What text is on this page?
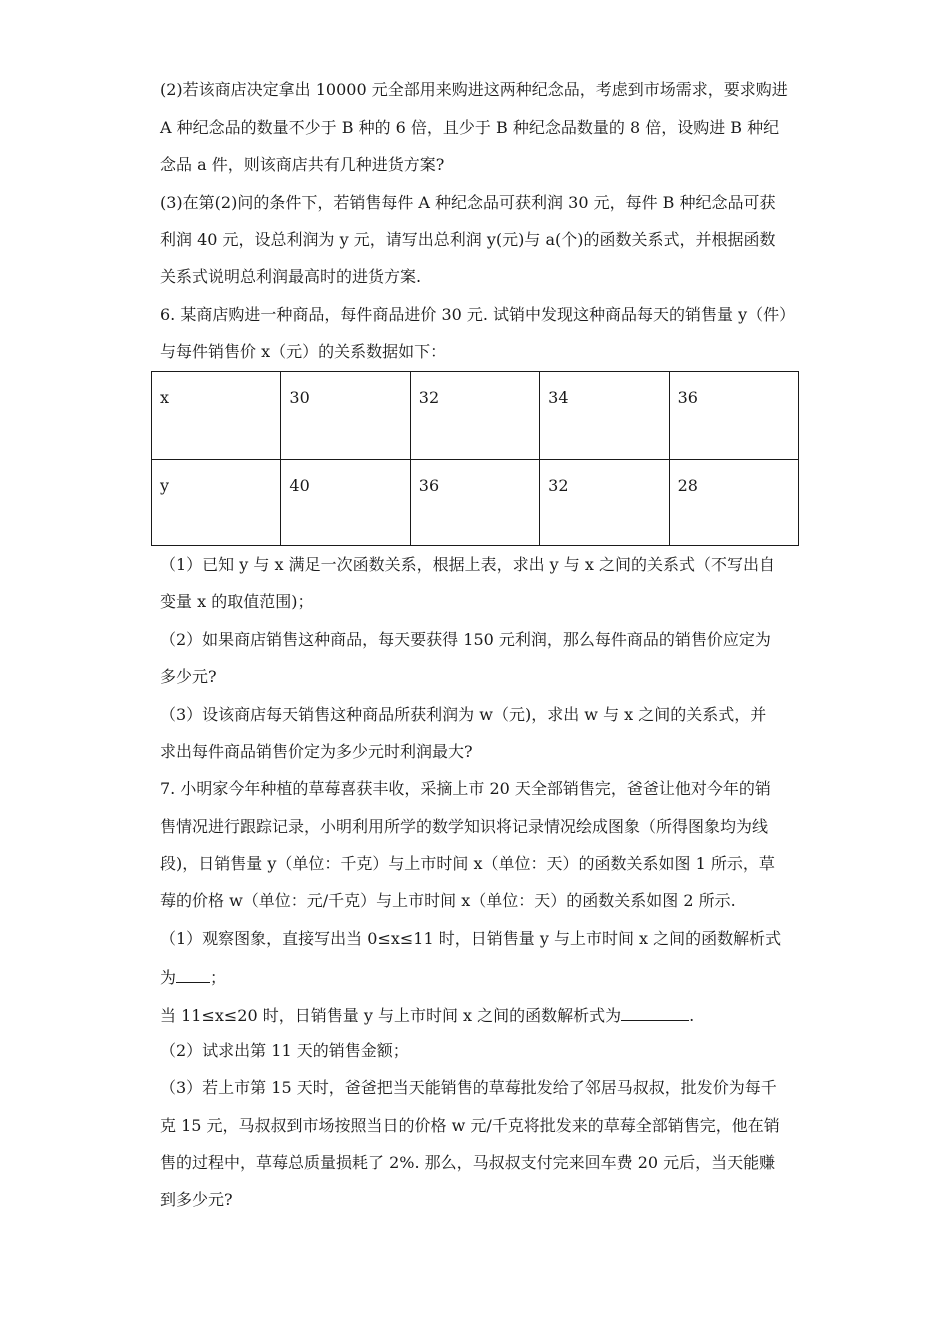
(2)若该商店决定拿出 10000 元全部用来购进这两种纪念品，考虑到市场需求，要求购进
A 种纪念品的数量不少于 B 种的 6 倍，且少于 B 种纪念品数量的 8 倍，设购进 B 种纪
念品 a 件，则该商店共有几种进货方案?
(3)在第(2)问的条件下，若销售每件 A 种纪念品可获利润 30 元，每件 B 种纪念品可获
利润 40 元，设总利润为 y 元，请写出总利润 y(元)与 a(个)的函数关系式，并根据函数
关系式说明总利润最高时的进货方案.
6. 某商店购进一种商品，每件商品进价 30 元. 试销中发现这种商品每天的销售量 y（件）
与每件销售价 x（元）的关系数据如下：
x	30	32	34	36
y	40	36	32	28
（1）已知 y 与 x 满足一次函数关系，根据上表，求出 y 与 x 之间的关系式（不写出自
变量 x 的取值范围)；
（2）如果商店销售这种商品，每天要获得 150 元利润，那么每件商品的销售价应定为
多少元?
（3）设该商店每天销售这种商品所获利润为 w（元)，求出 w 与 x 之间的关系式，并
求出每件商品销售价定为多少元时利润最大?
7. 小明家今年种植的草莓喜获丰收，采摘上市 20 天全部销售完，爸爸让他对今年的销
售情况进行跟踪记录，小明利用所学的数学知识将记录情况绘成图象（所得图象均为线
段)，日销售量 y（单位：千克）与上市时间 x（单位：天）的函数关系如图 1 所示，草
莓的价格 w（单位：元/千克）与上市时间 x（单位：天）的函数关系如图 2 所示.
（1）观察图象，直接写出当 0≤x≤11 时，日销售量 y 与上市时间 x 之间的函数解析式
为 ；
当 11≤x≤20 时，日销售量 y 与上市时间 x 之间的函数解析式为	.
（2）试求出第 11 天的销售金额；
（3）若上市第 15 天时，爸爸把当天能销售的草莓批发给了邻居马叔叔，批发价为每千
克 15 元，马叔叔到市场按照当日的价格 w 元/千克将批发来的草莓全部销售完，他在销
售的过程中，草莓总质量损耗了 2%. 那么，马叔叔支付完来回车费 20 元后，当天能赚
到多少元?
